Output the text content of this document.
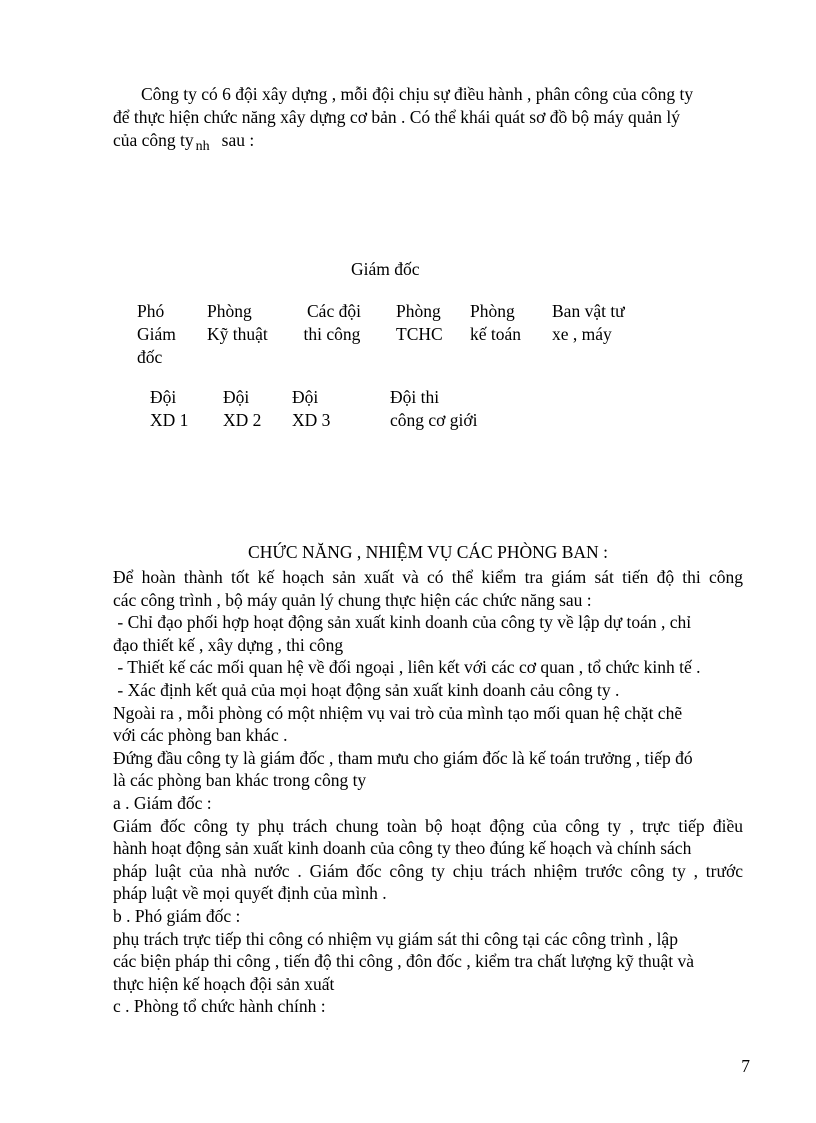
Công ty có 6 đội xây dựng , mỗi đội chịu sự điều hành , phân công của công ty

để thực hiện chức năng xây dựng cơ bản . Có thể khái quát sơ đồ bộ máy quản lý

của công ty $_{nh}$ sau :

Giám đốc
Phó
Giám
đốc
Phòng
Kỹ thuật
Các đội
thi công
Phòng
TCHC
Phòng
kế toán
Ban vật tư
xe , máy
Đội
XD 1
Đội
XD 2
Đội
XD 3
Đội thi
công cơ giới
CHỨC NĂNG , NHIỆM VỤ CÁC PHÒNG BAN :
Để hoàn thành tốt kế hoạch sản xuất và có thể kiểm tra giám sát tiến độ thi công
các công trình , bộ máy quản lý chung thực hiện các chức năng sau :
- Chỉ đạo phối hợp hoạt động sản xuất kinh doanh của công ty về lập dự toán , chỉ
đạo thiết kế , xây dựng , thi công
- Thiết kế các mối quan hệ về đối ngoại , liên kết với các cơ quan , tổ chức kinh tế .
- Xác định kết quả của mọi hoạt động sản xuất kinh doanh cảu công ty .
Ngoài ra , mỗi phòng có một nhiệm vụ vai trò của mình tạo mối quan hệ chặt chẽ
với các phòng ban khác .
Đứng đầu công ty là giám đốc , tham mưu cho giám đốc là kế toán trưởng , tiếp đó
là các phòng ban khác trong công ty
a . Giám đốc :
Giám đốc công ty phụ trách chung toàn bộ hoạt động của công ty , trực tiếp điều
hành hoạt động sản xuất kinh doanh của công ty theo đúng kế hoạch và chính sách
pháp luật của nhà nước . Giám đốc công ty chịu trách nhiệm trước công ty , trước
pháp luật về mọi quyết định của mình .
b . Phó giám đốc :
phụ trách trực tiếp thi công có nhiệm vụ giám sát thi công tại các công trình , lập
các biện pháp thi công , tiến độ thi công , đôn đốc , kiểm tra chất lượng kỹ thuật và
thực hiện kế hoạch đội sản xuất
c . Phòng tổ chức hành chính :
7
